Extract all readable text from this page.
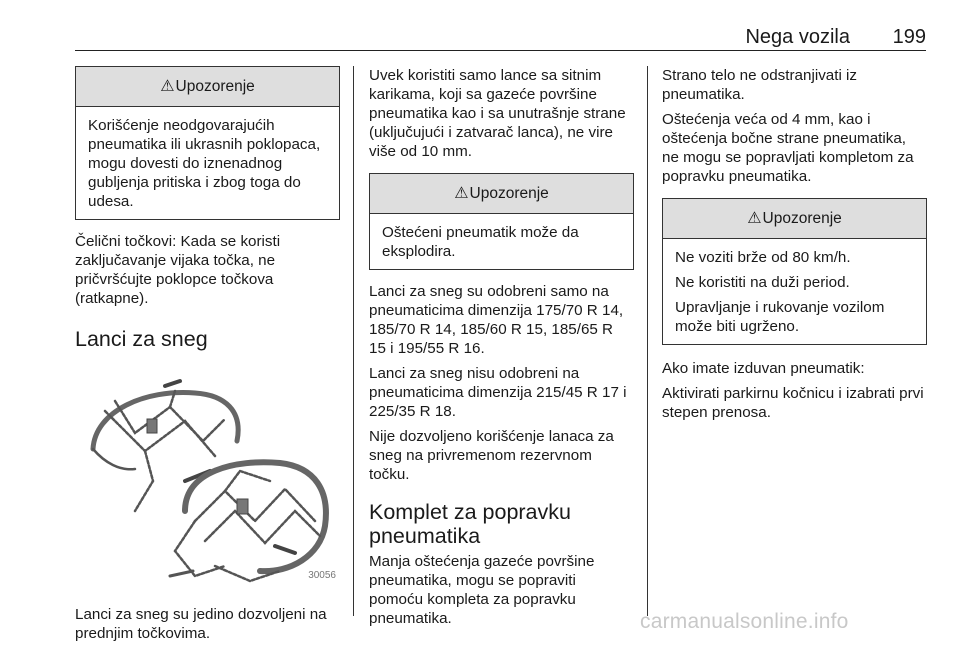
Nega vozila 199
⚠Upozorenje

Korišćenje neodgovarajućih pneumatika ili ukrasnih poklopaca, mogu dovesti do iznenadnog gubljenja pritiska i zbog toga do udesa.

Čelični točkovi: Kada se koristi zaključavanje vijaka točka, ne pričvršćujte poklopce točkova (ratkapne).

Lanci za sneg
30056

Lanci za sneg su jedino dozvoljeni na prednjim točkovima.

Uvek koristiti samo lance sa sitnim karikama, koji sa gazeće površine pneumatika kao i sa unutrašnje strane (uključujući i zatvarač lanca), ne vire više od 10 mm.

⚠Upozorenje

Oštećeni pneumatik može da eksplodira.

Lanci za sneg su odobreni samo na pneumaticima dimenzija 175/70 R 14, 185/70 R 14, 185/60 R 15, 185/65 R 15 i 195/55 R 16.

Lanci za sneg nisu odobreni na pneumaticima dimenzija 215/45 R 17 i 225/35 R 18.

Nije dozvoljeno korišćenje lanaca za sneg na privremenom rezervnom točku.

Komplet za popravku pneumatika

Manja oštećenja gazeće površine pneumatika, mogu se popraviti pomoću kompleta za popravku pneumatika.

Strano telo ne odstranjivati iz pneumatika.

Oštećenja veća od 4 mm, kao i oštećenja bočne strane pneumatika, ne mogu se popravljati kompletom za popravku pneumatika.

⚠Upozorenje

Ne voziti brže od 80 km/h.

Ne koristiti na duži period.

Upravljanje i rukovanje vozilom može biti ugrženo.

Ako imate izduvan pneumatik:

Aktivirati parkirnu kočnicu i izabrati prvi stepen prenosa.

carmanualsonline.info
